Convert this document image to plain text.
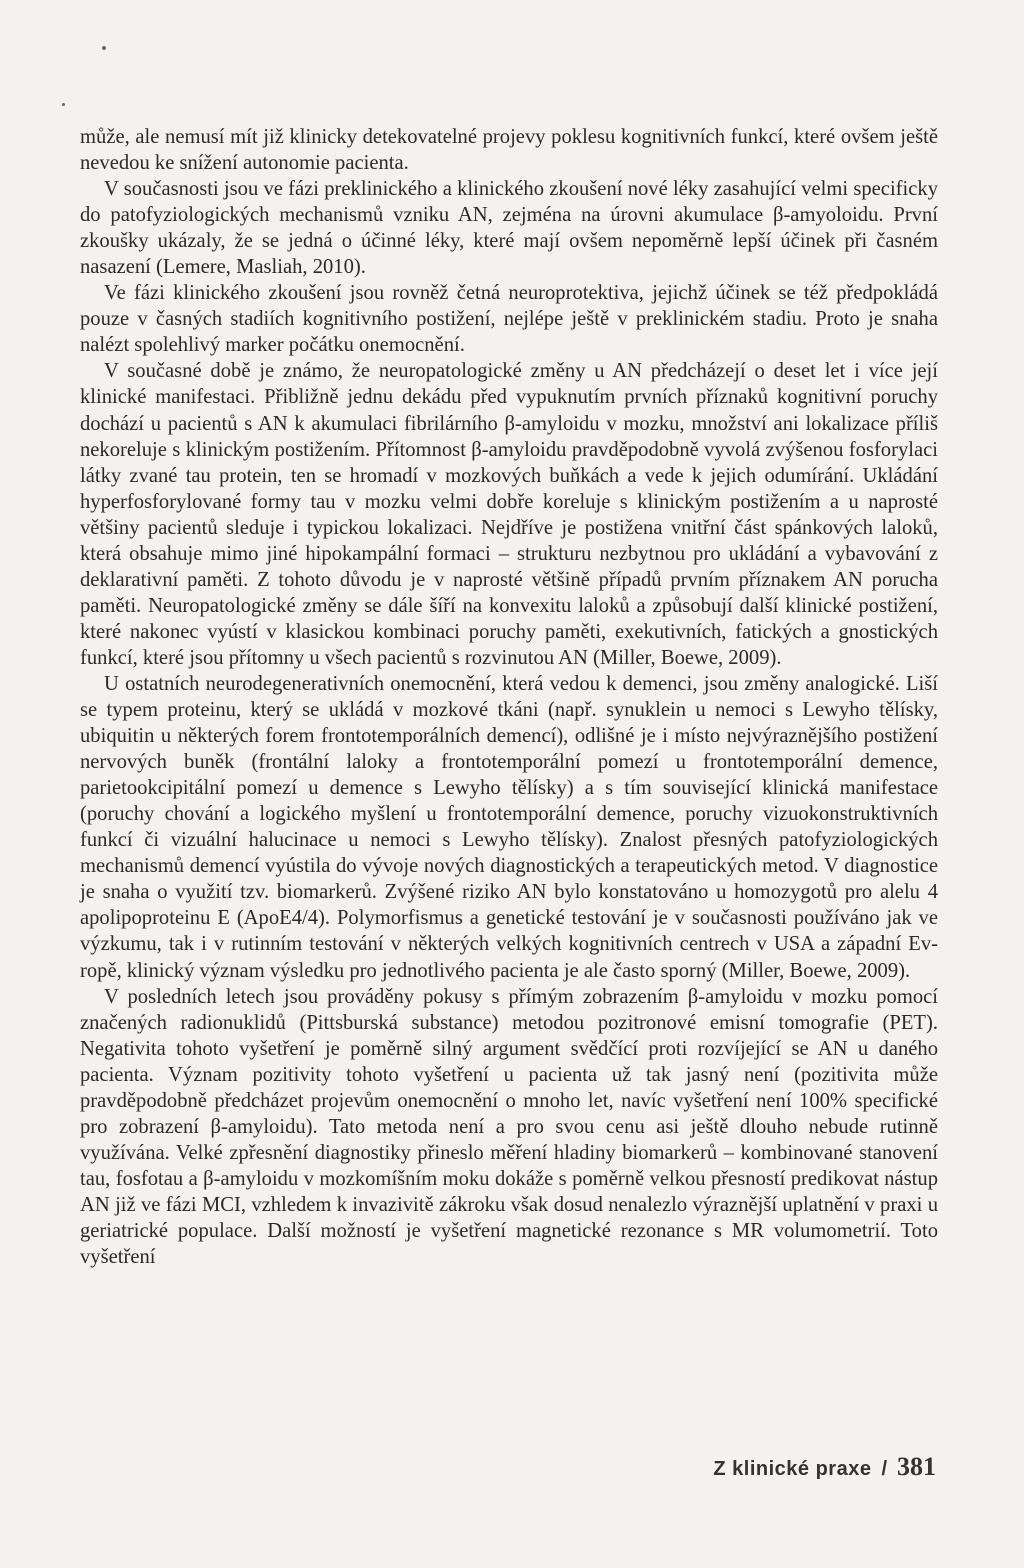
může, ale nemusí mít již klinicky detekovatelné projevy poklesu kognitivních funkcí, které ovšem ještě nevedou ke snížení autonomie pacienta.

V současnosti jsou ve fázi preklinického a klinického zkoušení nové léky zasahující velmi specificky do patofyziologických mechanismů vzniku AN, zejména na úrovni akumulace β-amyoloidu. První zkoušky ukázaly, že se jedná o účinné léky, které mají ovšem nepoměrně lepší účinek při časném nasazení (Lemere, Masliah, 2010).

Ve fázi klinického zkoušení jsou rovněž četná neuroprotektiva, jejichž účinek se též předpokládá pouze v časných stadiích kognitivního postižení, nejlépe ještě v preklinickém stadiu. Proto je snaha nalézt spolehlivý marker počátku onemocnění.

V současné době je známo, že neuropatologické změny u AN předcházejí o deset let i více její klinické manifestaci. Přibližně jednu dekádu před vypuknutím prvních příznaků kognitivní poruchy dochází u pacientů s AN k akumulaci fibrilárního β-amyloidu v mozku, množství ani lokalizace příliš nekoreluje s klinickým postižením. Přítomnost β-amyloidu pravděpodobně vyvolá zvýšenou fosforylaci látky zvané tau protein, ten se hromadí v mozkových buňkách a vede k jejich odumírání. Ukládání hyperfosforylované formy tau v mozku velmi dobře koreluje s klinickým postižením a u naprosté většiny pacientů sleduje i typickou lokalizaci. Nejdříve je postižena vnitřní část spánkových laloků, která obsahuje mimo jiné hipokampální formaci – strukturu nezbytnou pro ukládání a vybavování z deklarativní paměti. Z tohoto důvodu je v naprosté většině případů prvním příznakem AN porucha paměti. Neuropatologické změny se dále šíří na konvexitu laloků a způsobují další klinické postižení, které nakonec vyústí v klasickou kombinaci poruchy paměti, exekutivních, fatických a gnostických funkcí, které jsou přítomny u všech pacientů s rozvinutou AN (Miller, Boewe, 2009).

U ostatních neurodegenerativních onemocnění, která vedou k demenci, jsou změny analogické. Liší se typem proteinu, který se ukládá v mozkové tkáni (např. synuklein u nemoci s Lewyho tělísky, ubiquitin u některých forem frontotemporálních demencí), odlišné je i místo nejvýraznějšího postižení nervových buněk (frontální laloky a frontotemporální pomezí u frontotemporální demence, parietookcipitální pomezí u demence s Lewyho tělísky) a s tím související klinická manifestace (poruchy chování a logického myšlení u frontotemporální demence, poruchy vizuokonstruktivních funkcí či vizuální halucinace u nemoci s Lewyho tělísky). Znalost přesných patofyziologických mechanismů demencí vyústila do vývoje nových diagnostických a terapeutických metod. V diagnostice je snaha o využití tzv. biomarkerů. Zvýšené riziko AN bylo konstatováno u homozygotů pro alelu 4 apolipoproteinu E (ApoE4/4). Polymorfismus a genetické testování je v současnosti používáno jak ve výzkumu, tak i v rutinním testování v některých velkých kognitivních centrech v USA a západní Evropě, klinický význam výsledku pro jednotlivého pacienta je ale často sporný (Miller, Boewe, 2009).

V posledních letech jsou prováděny pokusy s přímým zobrazením β-amyloidu v mozku pomocí značených radionuklidů (Pittsburská substance) metodou pozitronové emisní tomografie (PET). Negativita tohoto vyšetření je poměrně silný argument svědčící proti rozvíjející se AN u daného pacienta. Význam pozitivity tohoto vyšetření u pacienta už tak jasný není (pozitivita může pravděpodobně předcházet projevům onemocnění o mnoho let, navíc vyšetření není 100% specifické pro zobrazení β-amyloidu). Tato metoda není a pro svou cenu asi ještě dlouho nebude rutinně využívána. Velké zpřesnění diagnostiky přineslo měření hladiny biomarkerů – kombinované stanovení tau, fosfotau a β-amyloidu v mozkomíšním moku dokáže s poměrně velkou přesností predikovat nástup AN již ve fázi MCI, vzhledem k invazivitě zákroku však dosud nenalezlo výraznější uplatnění v praxi u geriatrické populace. Další možností je vyšetření magnetické rezonance s MR volumometrií. Toto vyšetření

Z klinické praxe / 381
